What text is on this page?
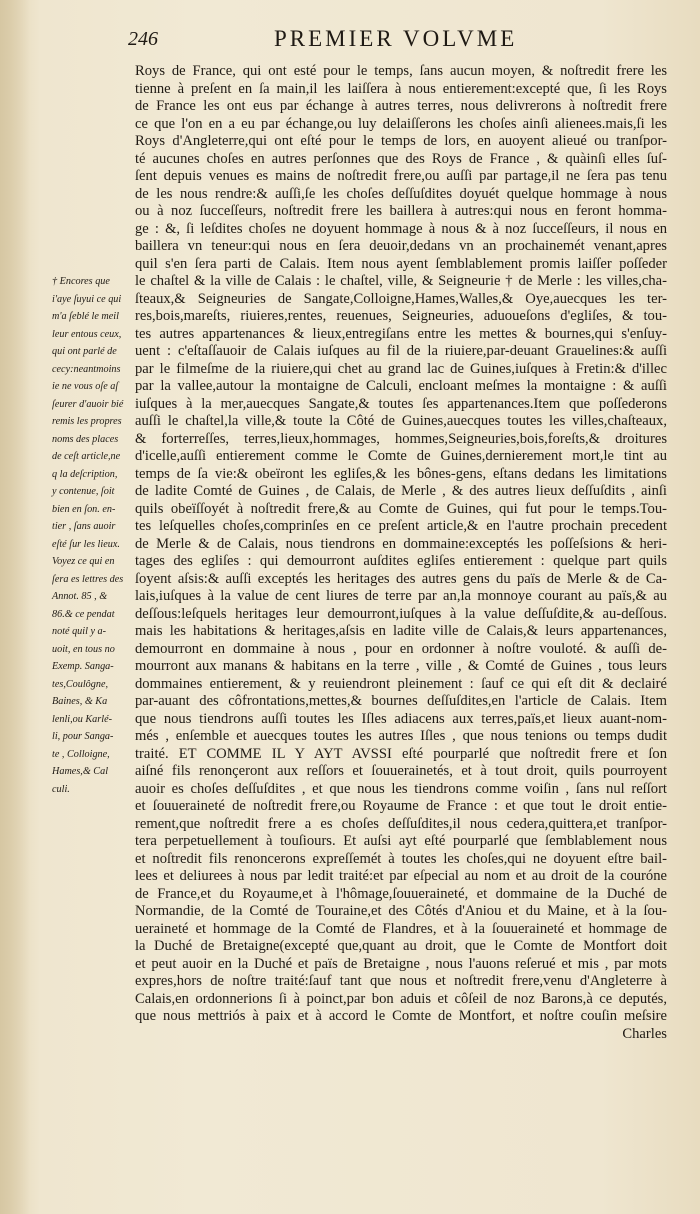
246	PREMIER VOLVME
† Encores que
i'aye ſuyui ce qui
m'a ſeblé le meil
leur entous ceux,
qui ont parlé de
cecy:neantmoins
ie ne vous oſe aſ
ſeurer d'auoir bié
remis les propres
noms des places
de ceſt article,ne
q la deſcription,
y contenue, ſoit
bien en ſon. en-
tier , ſans auoir
eſté ſur les lieux.
Voyez ce qui en
ſera es lettres des
Annot. 85 , &
86.& ce pendat
noté quil y a-
uoit, en tous no
Exemp. Sanga-
tes,Coulôgne,
Baines, & Ka
lenli,ou Karlé-
li, pour Sanga-
te , Colloigne,
Hames,& Cal
culi.
Roys de France, qui ont esté pour le temps, ſans aucun moyen, & noſtredit frere les
tienne à preſent en ſa main,il les laiſſera à nous entierement:excepté que, ſi les Roys
de France les ont eus par échange à autres terres, nous delivrerons à noſtredit frere
ce que l'on en a eu par échange,ou luy delaiſſerons les choſes ainſi alienees.mais,ſi les
Roys d'Angleterre,qui ont eſté pour le temps de lors, en auoyent alieué ou tranſpor-
té aucunes choſes en autres perſonnes que des Roys de France , & quàinſi elles ſuſ-
ſent depuis venues es mains de noſtredit frere,ou auſſi par partage,il ne ſera pas tenu
de les nous rendre:& auſſi,ſe les choſes deſſuſdites doyuét quelque hommage à nous
ou à noz ſucceſſeurs, noſtredit frere les baillera à autres:qui nous en feront homma-
ge : &, ſi leſdites choſes ne doyuent hommage à nous & à noz ſucceſſeurs, il nous en
baillera vn teneur:qui nous en ſera deuoir,dedans vn an prochainemét venant,apres
quil s'en ſera parti de Calais. Item nous ayent ſemblablement promis laiſſer poſſeder
le chaſtel & la ville de Calais : le chaſtel, ville, & Seigneurie † de Merle : les villes,cha-
ſteaux,& Seigneuries de Sangate,Colloigne,Hames,Walles,& Oye,auecques les ter-
res,bois,mareſts, riuieres,rentes, reuenues, Seigneuries, aduoueſons d'egliſes, & tou-
tes autres appartenances & lieux,entregiſans entre les mettes & bournes,qui s'enſuy-
uent : c'eſtaſſauoir de Calais iuſques au fil de la riuiere,par-deuant Grauelines:& auſſi
par le filmeſme de la riuiere,qui chet au grand lac de Guines,iuſques à Fretin:& d'illec
par la vallee,autour la montaigne de Calculi, encloant meſmes la montaigne : & auſſi
iuſques à la mer,auecques Sangate,& toutes ſes appartenances.Item que poſſederons
auſſi le chaſtel,la ville,& toute la Côté de Guines,auecques toutes les villes,chaſteaux,
& forterreſſes, terres,lieux,hommages, hommes,Seigneuries,bois,foreſts,& droitures
d'icelle,auſſi entierement comme le Comte de Guines,dernierement mort,le tint au
temps de ſa vie:& obeïront les egliſes,& les bônes-gens, eſtans dedans les limitations
de ladite Comté de Guines , de Calais, de Merle , & des autres lieux deſſuſdits , ainſi
quils obeïſſoyét à noſtredit frere,& au Comte de Guines, qui fut pour le temps.Tou-
tes leſquelles choſes,comprinſes en ce preſent article,& en l'autre prochain precedent
de Merle & de Calais, nous tiendrons en dommaine:exceptés les poſſeſsions & heri-
tages des egliſes : qui demourront auſdites egliſes entierement : quelque part quils
ſoyent aſsis:& auſſi exceptés les heritages des autres gens du païs de Merle & de Ca-
lais,iuſques à la value de cent liures de terre par an,la monnoye courant au païs,& au
deſſous:leſquels heritages leur demourront,iuſques à la value deſſuſdite,& au-deſſous.
mais les habitations & heritages,aſsis en ladite ville de Calais,& leurs appartenances,
demourront en dommaine à nous , pour en ordonner à noſtre vouloté. & auſſi de-
mourront aux manans & habitans en la terre , ville , & Comté de Guines , tous leurs
dommaines entierement, & y reuiendront pleinement : ſauf ce qui eſt dit & declairé
par-auant des côfrontations,mettes,& bournes deſſuſdites,en l'article de Calais. Item
que nous tiendrons auſſi toutes les Iſles adiacens aux terres,païs,et lieux auant-nom-
més , enſemble et auecques toutes les autres Iſles , que nous tenions ou temps dudit
traité. ET COMME IL Y AYT AVSSI eſté pourparlé que noſtredit frere et ſon
aiſné fils renonçeront aux reſſors et ſouuerainetés, et à tout droit, quils pourroyent
auoir es choſes deſſuſdites , et que nous les tiendrons comme voiſin , ſans nul reſſort
et ſouueraineté de noſtredit frere,ou Royaume de France : et que tout le droit entie-
rement,que noſtredit frere a es choſes deſſuſdites,il nous cedera,quittera,et tranſpor-
tera perpetuellement à touſiours. Et auſsi ayt eſté pourparlé que ſemblablement nous
et noſtredit fils renoncerons expreſſemét à toutes les choſes,qui ne doyuent eſtre bail-
lees et deliurees à nous par ledit traité:et par eſpecial au nom et au droit de la couróne
de France,et du Royaume,et à l'hômage,ſouueraineté, et dommaine de la Duché de
Normandie, de la Comté de Touraine,et des Côtés d'Aniou et du Maine, et à la ſou-
ueraineté et hommage de la Comté de Flandres, et à la ſouueraineté et hommage de
la Duché de Bretaigne(excepté que,quant au droit, que le Comte de Montfort doit
et peut auoir en la Duché et païs de Bretaigne , nous l'auons reſerué et mis , par mots
expres,hors de noſtre traité:ſauf tant que nous et noſtredit frere,venu d'Angleterre à
Calais,en ordonnerions ſi à poinct,par bon aduis et côſeil de noz Barons,à ce deputés,
que nous mettriós à paix et à accord le Comte de Montfort, et noſtre couſin meſsire
Charles
